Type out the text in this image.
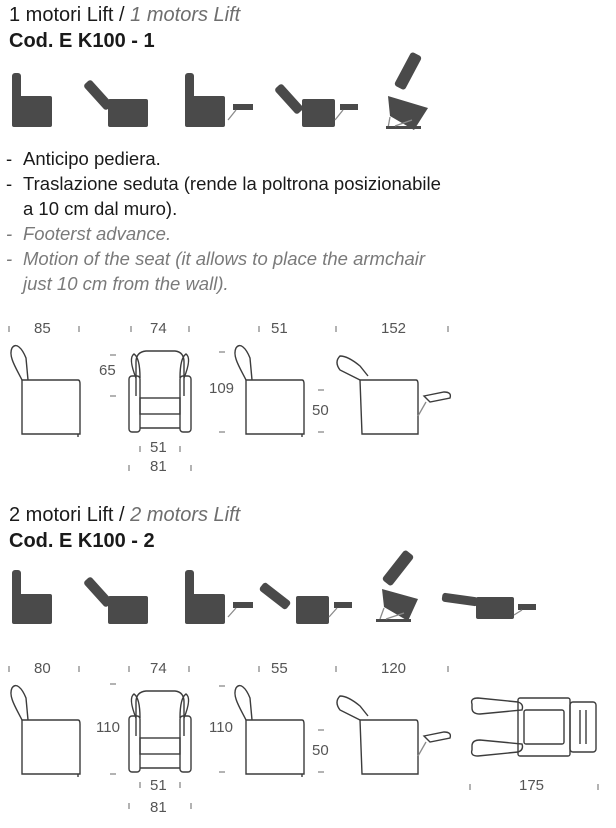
1 motori Lift / 1 motors Lift
Cod. E K100 - 1
- Anticipo pediera.
- Traslazione seduta (rende la poltrona posizionabile
a 10 cm dal muro).
- Footerst advance.
- Motion of the seat (it allows to place the armchair
just 10 cm from the wall).
85	74
65
51
81
51
109
50
152
2 motori Lift / 2 motors Lift
Cod. E K100 - 2
80	74
110
51
81
55
110
50
120
175
